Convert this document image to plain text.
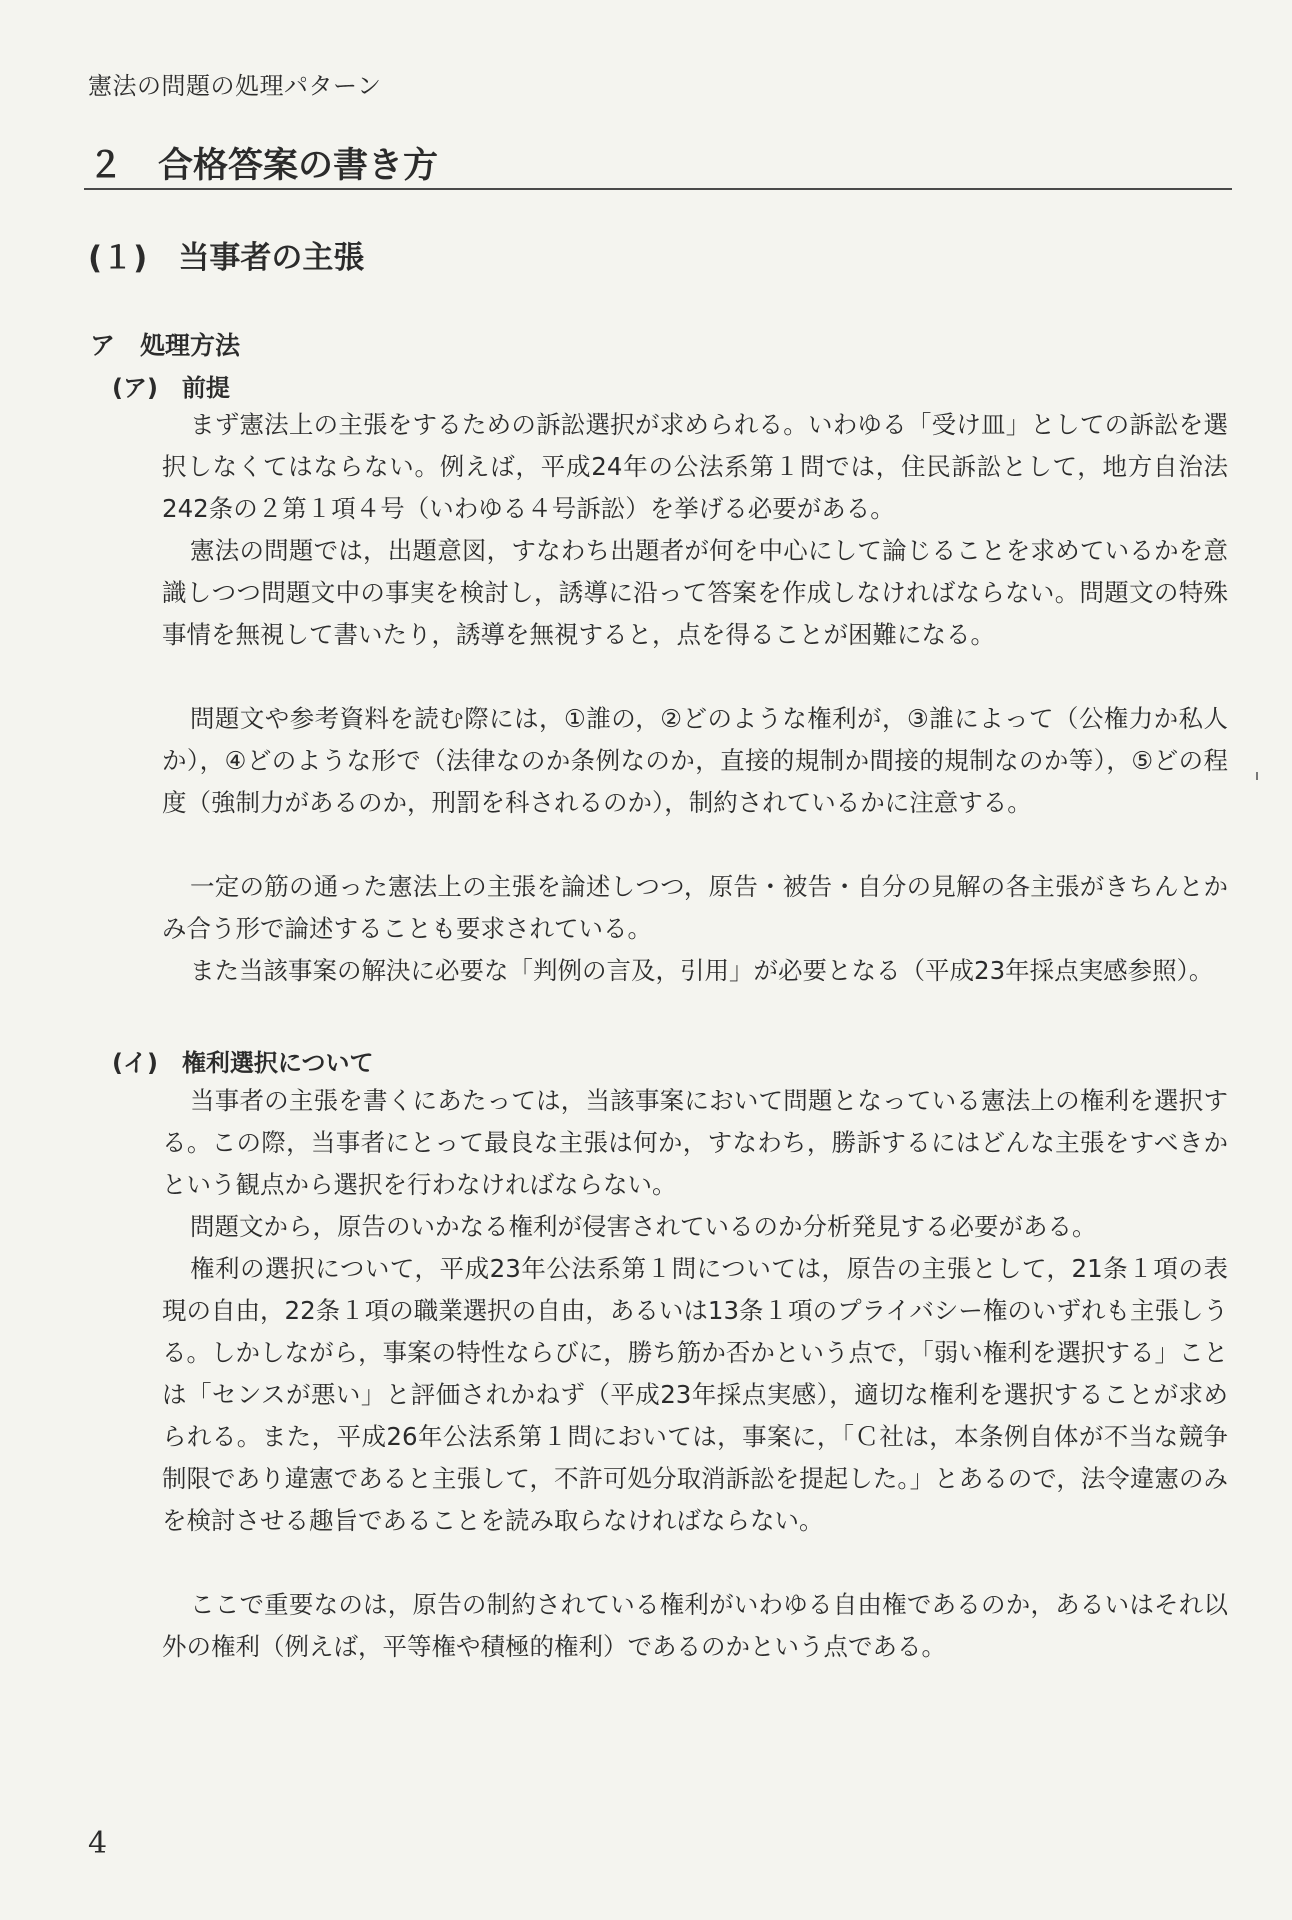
憲法の問題の処理パターン
２　合格答案の書き方
(１)　当事者の主張
ア　処理方法
(ア)　前提

まず憲法上の主張をするための訴訟選択が求められる。いわゆる「受け皿」としての訴訟を選択しなくてはならない。例えば，平成24年の公法系第１問では，住民訴訟として，地方自治法242条の２第１項４号（いわゆる４号訴訟）を挙げる必要がある。

憲法の問題では，出題意図，すなわち出題者が何を中心にして論じることを求めているかを意識しつつ問題文中の事実を検討し，誘導に沿って答案を作成しなければならない。問題文の特殊事情を無視して書いたり，誘導を無視すると，点を得ることが困難になる。

問題文や参考資料を読む際には，①誰の，②どのような権利が，③誰によって（公権力か私人か），④どのような形で（法律なのか条例なのか，直接的規制か間接的規制なのか等），⑤どの程度（強制力があるのか，刑罰を科されるのか），制約されているかに注意する。

一定の筋の通った憲法上の主張を論述しつつ，原告・被告・自分の見解の各主張がきちんとかみ合う形で論述することも要求されている。

また当該事案の解決に必要な「判例の言及，引用」が必要となる（平成23年採点実感参照）。

(イ)　権利選択について

当事者の主張を書くにあたっては，当該事案において問題となっている憲法上の権利を選択する。この際，当事者にとって最良な主張は何か，すなわち，勝訴するにはどんな主張をすべきかという観点から選択を行わなければならない。

問題文から，原告のいかなる権利が侵害されているのか分析発見する必要がある。

権利の選択について，平成23年公法系第１問については，原告の主張として，21条１項の表現の自由，22条１項の職業選択の自由，あるいは13条１項のプライバシー権のいずれも主張しうる。しかしながら，事案の特性ならびに，勝ち筋か否かという点で，「弱い権利を選択する」ことは「センスが悪い」と評価されかねず（平成23年採点実感），適切な権利を選択することが求められる。また，平成26年公法系第１問においては，事案に，「Ｃ社は，本条例自体が不当な競争制限であり違憲であると主張して，不許可処分取消訴訟を提起した。」とあるので，法令違憲のみを検討させる趣旨であることを読み取らなければならない。

ここで重要なのは，原告の制約されている権利がいわゆる自由権であるのか，あるいはそれ以外の権利（例えば，平等権や積極的権利）であるのかという点である。

4
